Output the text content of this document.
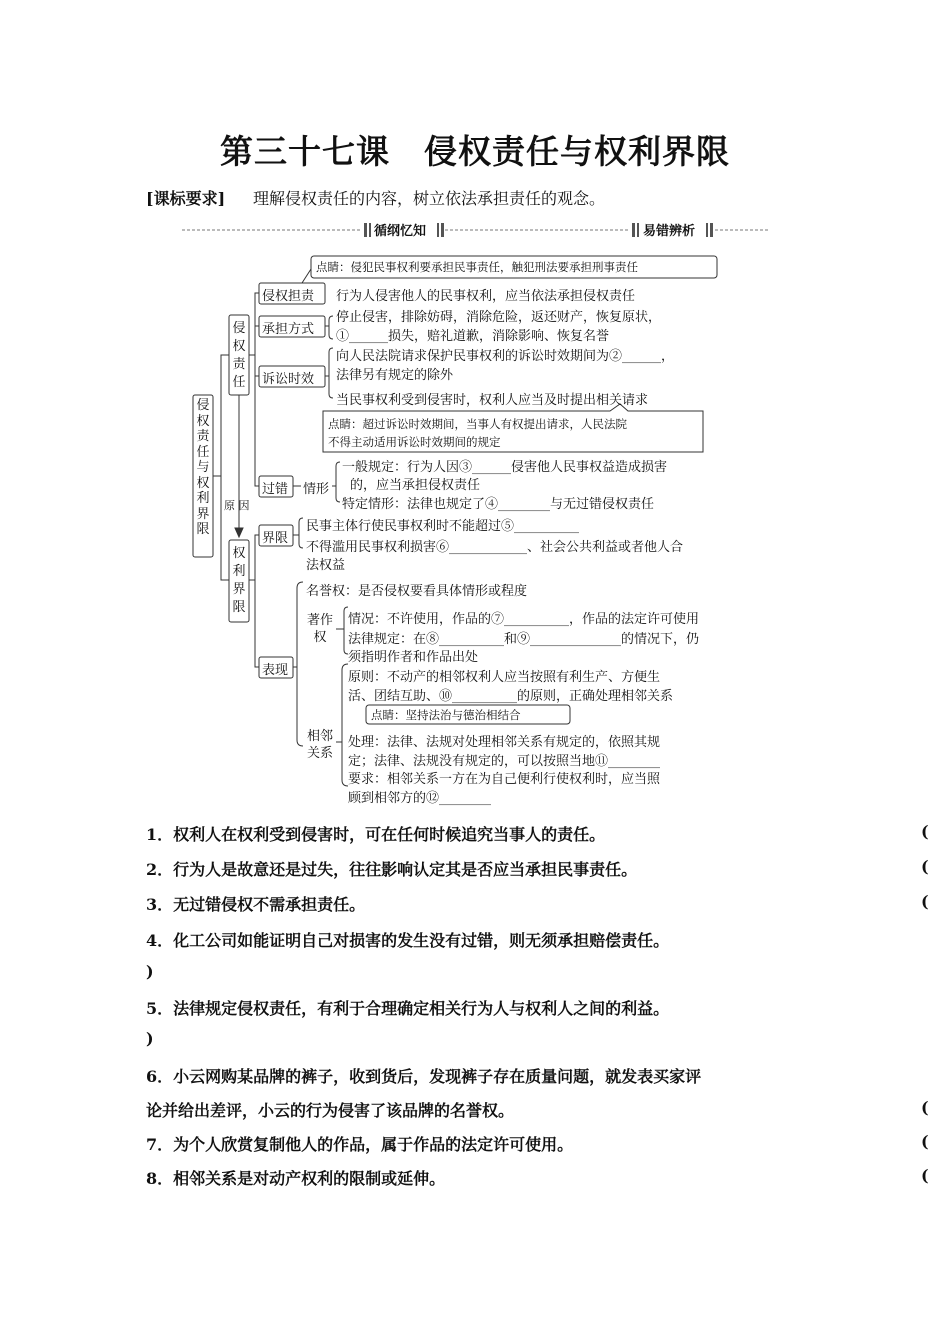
第三十七课　侵权责任与权利界限
[课标要求] 理解侵权责任的内容，树立依法承担责任的观念。
循纲忆知	易错辨析
侵权责任与权利界限
侵权责任
权利界限
原 因
点睛：侵犯民事权利要承担民事责任，触犯刑法要承担刑事责任
侵权担责 行为人侵害他人的民事权利，应当依法承担侵权责任
承担方式
停止侵害，排除妨碍，消除危险，返还财产，恢复原状，
①______损失，赔礼道歉，消除影响、恢复名誉
诉讼时效
向人民法院请求保护民事权利的诉讼时效期间为②______，
法律另有规定的除外
当民事权利受到侵害时，权利人应当及时提出相关请求
点睛：超过诉讼时效期间，当事人有权提出请求，人民法院
不得主动适用诉讼时效期间的规定
过错 情形
一般规定：行为人因③______侵害他人民事权益造成损害
的，应当承担侵权责任
特定情形：法律也规定了④________与无过错侵权责任
界限
民事主体行使民事权利时不能超过⑤__________
不得滥用民事权利损害⑥____________、社会公共利益或者他人合
法权益
表现
名誉权：是否侵权要看具体情形或程度
著作权
情况：不许使用，作品的⑦__________，作品的法定许可使用
法律规定：在⑧__________和⑨______________的情况下，仍
须指明作者和作品出处
相邻关系
原则：不动产的相邻权利人应当按照有利生产、方便生
活、团结互助、⑩__________的原则，正确处理相邻关系
点睛：坚持法治与德治相结合
处理：法律、法规对处理相邻关系有规定的，依照其规
定；法律、法规没有规定的，可以按照当地⑪________
要求：相邻关系一方在为自己便利行使权利时，应当照
顾到相邻方的⑫________
1．权利人在权利受到侵害时，可在任何时候追究当事人的责任。	(
2．行为人是故意还是过失，往往影响认定其是否应当承担民事责任。	(
3．无过错侵权不需承担责任。	(
4．化工公司如能证明自己对损害的发生没有过错，则无须承担赔偿责任。
)
5．法律规定侵权责任，有利于合理确定相关行为人与权利人之间的利益。
)
6．小云网购某品牌的裤子，收到货后，发现裤子存在质量问题，就发表买家评
论并给出差评，小云的行为侵害了该品牌的名誉权。	(
7．为个人欣赏复制他人的作品，属于作品的法定许可使用。	(
8．相邻关系是对动产权利的限制或延伸。	(
